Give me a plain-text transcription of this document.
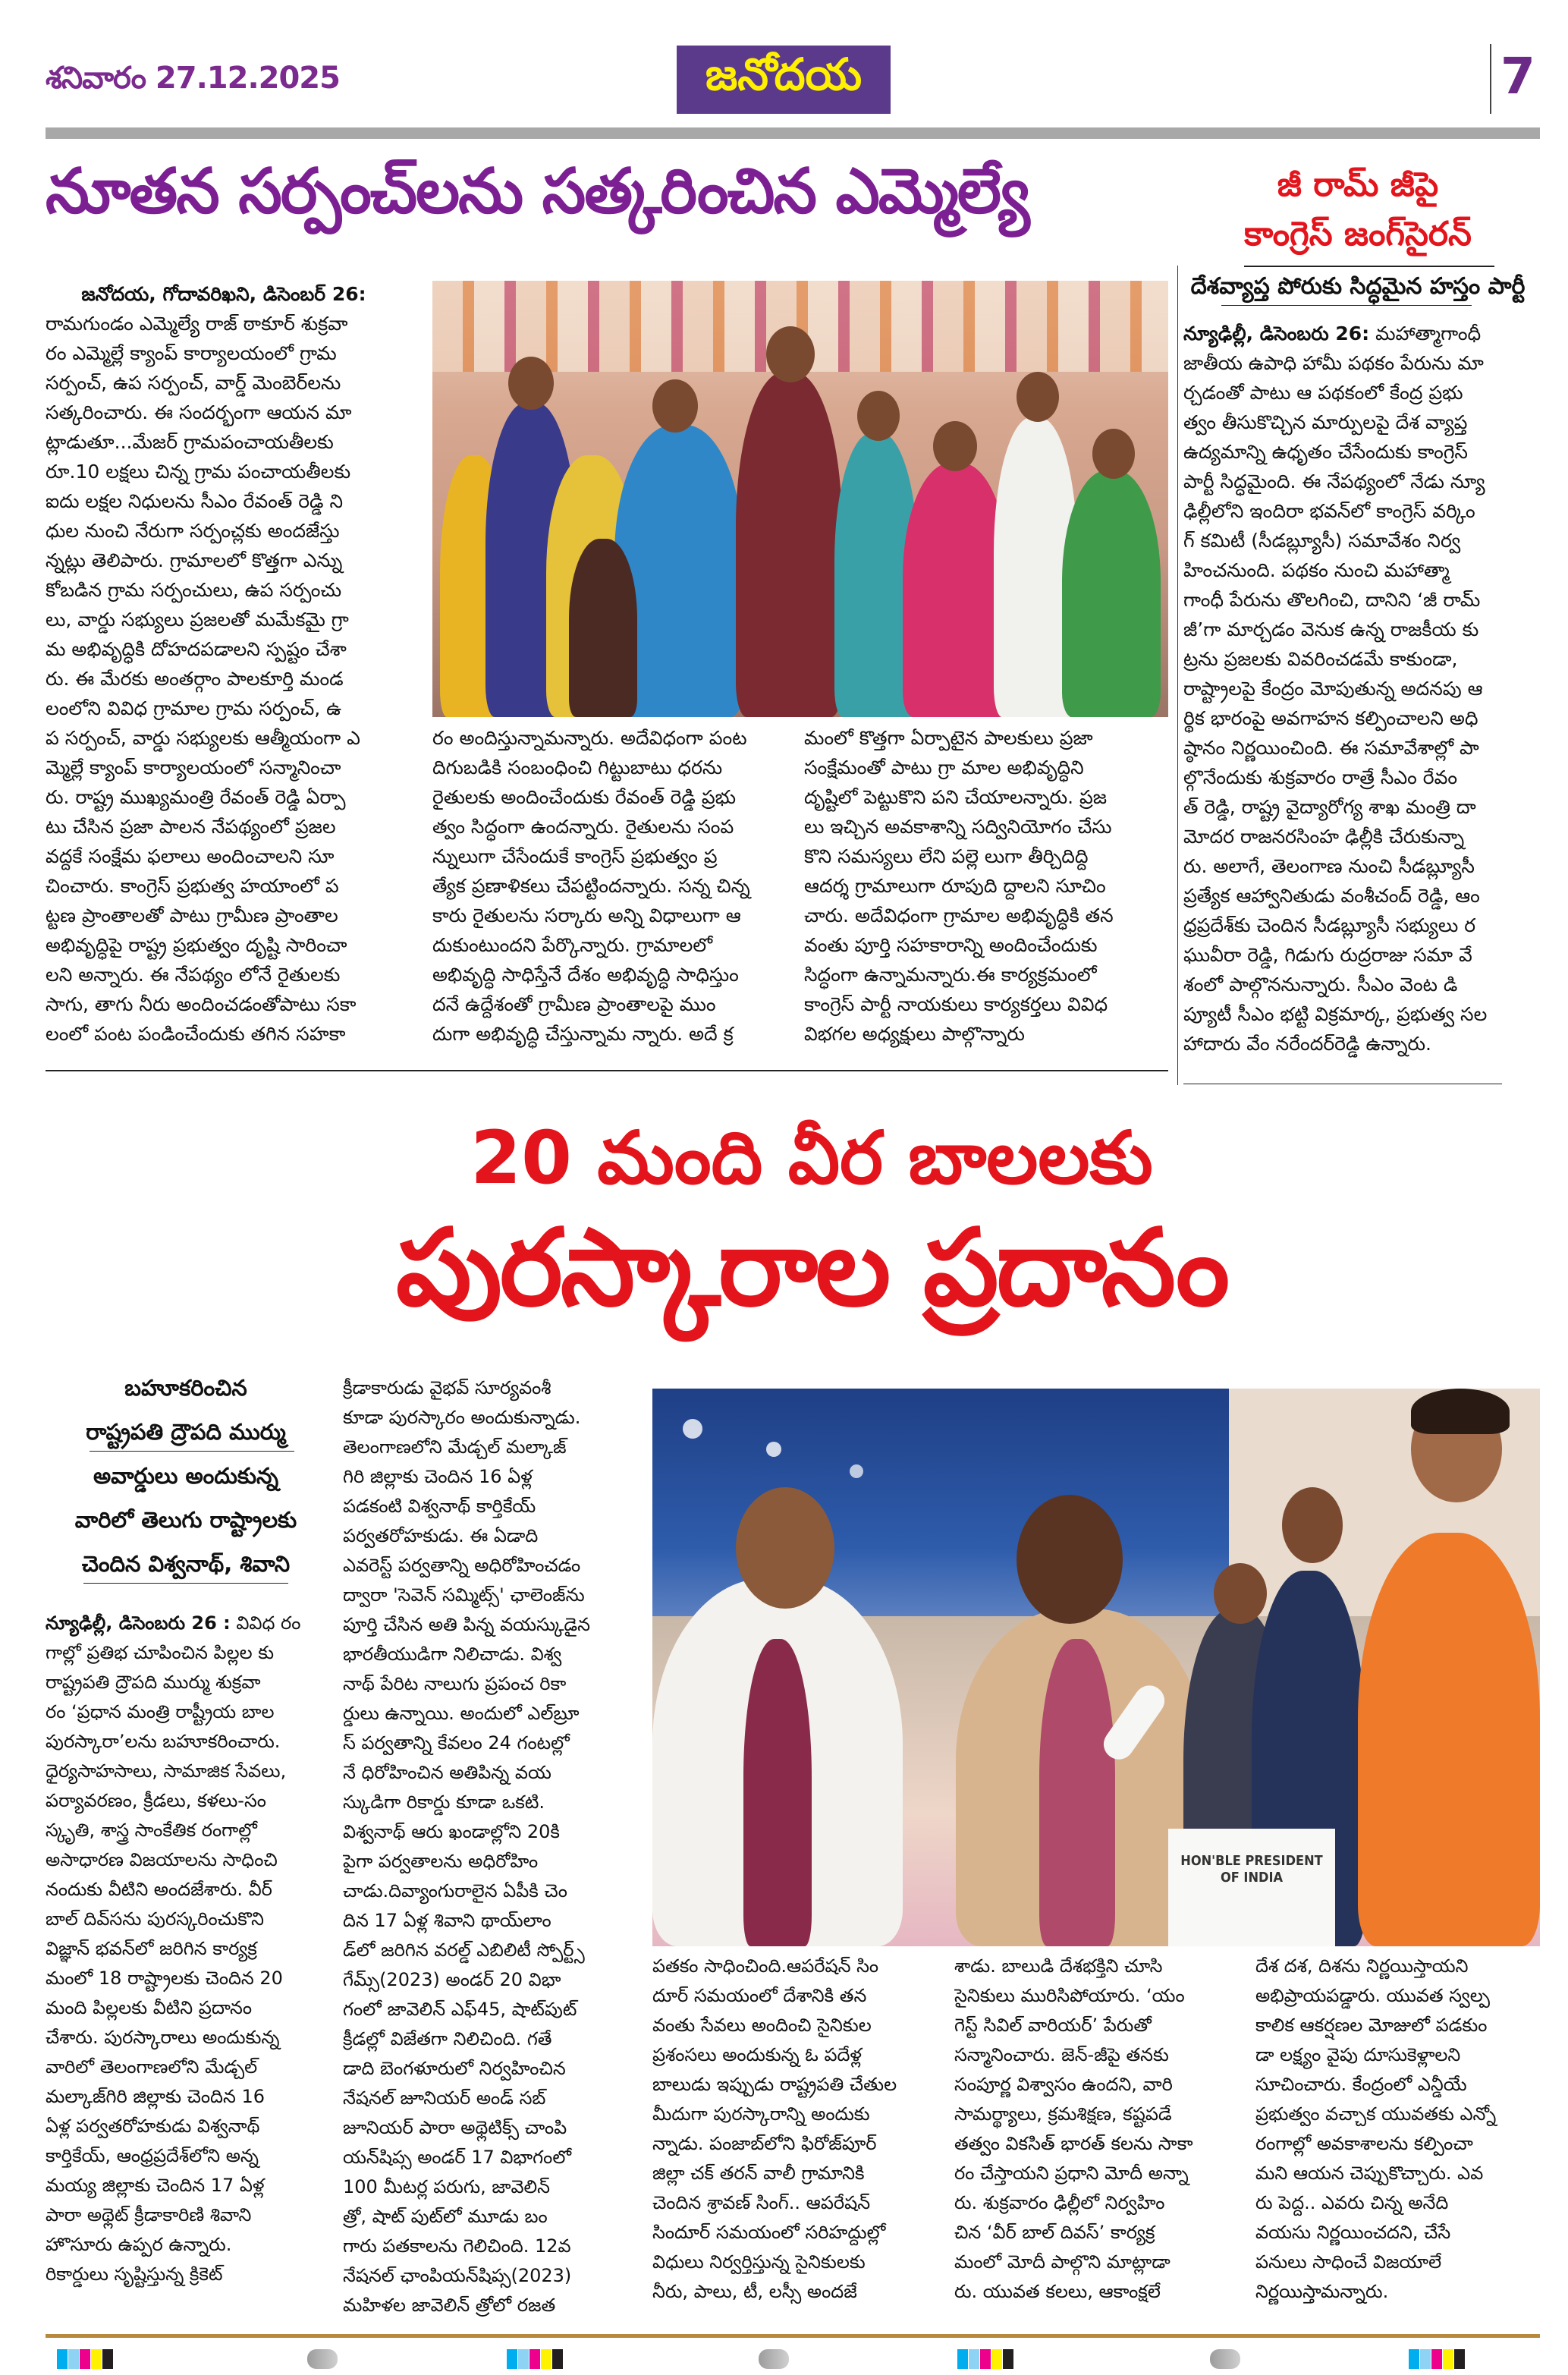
శనివారం 27.12.2025	జనోదయ	7
నూతన సర్పంచ్‌లను సత్కరించిన ఎమ్మెల్యే
జనోదయ, గోదావరిఖని, డిసెంబర్ 26:
రామగుండం ఎమ్మెల్యే రాజ్ ఠాకూర్ శుక్రవా
రం ఎమ్మెల్లే క్యాంప్ కార్యాలయంలో గ్రామ
సర్పంచ్, ఉప సర్పంచ్, వార్డ్ మెంబెర్‌లను
సత్కరించారు. ఈ సందర్భంగా ఆయన మా
ట్లాడుతూ...మేజర్ గ్రామపంచాయతీలకు
రూ.10 లక్షలు చిన్న గ్రామ పంచాయతీలకు
ఐదు లక్షల నిధులను సీఎం రేవంత్ రెడ్డి ని
ధుల నుంచి నేరుగా సర్పంచ్లకు అందజేస్తు
న్నట్లు తెలిపారు. గ్రామాలలో కొత్తగా ఎన్ను
కోబడిన గ్రామ సర్పంచులు, ఉప సర్పంచు
లు, వార్డు సభ్యులు ప్రజలతో మమేకమై గ్రా
మ అభివృద్ధికి దోహదపడాలని స్పష్టం చేశా
రు. ఈ మేరకు అంతర్గాం పాలకూర్తి మండ
లంలోని వివిధ గ్రామాల గ్రామ సర్పంచ్, ఉ
ప సర్పంచ్, వార్డు సభ్యులకు ఆత్మీయంగా ఎ
మ్మెల్లే క్యాంప్ కార్యాలయంలో సన్మానించా
రు. రాష్ట్ర ముఖ్యమంత్రి రేవంత్ రెడ్డి ఏర్పా
టు చేసిన ప్రజా పాలన నేపథ్యంలో ప్రజల
వద్దకే సంక్షేమ ఫలాలు అందించాలని సూ
చించారు. కాంగ్రెస్ ప్రభుత్వ హయాంలో ప
ట్టణ ప్రాంతాలతో పాటు గ్రామీణ ప్రాంతాల
అభివృద్ధిపై రాష్ట్ర ప్రభుత్వం దృష్టి సారించా
లని అన్నారు. ఈ నేపథ్యం లోనే రైతులకు
సాగు, తాగు నీరు అందించడంతోపాటు సకా
లంలో పంట పండించేందుకు తగిన సహకా
రం అందిస్తున్నామన్నారు. అదేవిధంగా పంట
దిగుబడికి సంబంధించి గిట్టుబాటు ధరను
రైతులకు అందించేందుకు రేవంత్ రెడ్డి ప్రభు
త్వం సిద్ధంగా ఉందన్నారు. రైతులను సంప
న్నులుగా చేసేందుకే కాంగ్రెస్ ప్రభుత్వం ప్ర
త్యేక ప్రణాళికలు చేపట్టిందన్నారు. సన్న చిన్న
కారు రైతులను సర్కారు అన్ని విధాలుగా ఆ
దుకుంటుందని పేర్కొన్నారు. గ్రామాలలో
అభివృద్ధి సాధిస్తేనే దేశం అభివృద్ధి సాధిస్తుం
దనే ఉద్దేశంతో గ్రామీణ ప్రాంతాలపై ముం
దుగా అభివృద్ధి చేస్తున్నామ న్నారు. అదే క్ర
మంలో కొత్తగా ఏర్పాటైన పాలకులు ప్రజా
సంక్షేమంతో పాటు గ్రా మాల అభివృద్ధిని
దృష్టిలో పెట్టుకొని పని చేయాలన్నారు. ప్రజ
లు ఇచ్చిన అవకాశాన్ని సద్వినియోగం చేసు
కొని సమస్యలు లేని పల్లె లుగా తీర్చిదిద్ది
ఆదర్శ గ్రామాలుగా రూపుది ద్దాలని సూచిం
చారు. అదేవిధంగా గ్రామాల అభివృద్ధికి తన
వంతు పూర్తి సహకారాన్ని అందించేందుకు
సిద్ధంగా ఉన్నామన్నారు.ఈ కార్యక్రమంలో
కాంగ్రెస్ పార్టీ నాయకులు కార్యకర్తలు వివిధ
విభగల అధ్యక్షులు పాల్గొన్నారు
జీ రామ్ జీపై
కాంగ్రెస్ జంగ్‌సైరన్
దేశవ్యాప్త పోరుకు సిద్ధమైన హస్తం పార్టీ
న్యూఢిల్లీ, డిసెంబరు 26: మహాత్మాగాంధీ
జాతీయ ఉపాధి హామీ పథకం పేరును మా
ర్చడంతో పాటు ఆ పథకంలో కేంద్ర ప్రభు
త్వం తీసుకొచ్చిన మార్పులపై దేశ వ్యాప్త
ఉద్యమాన్ని ఉధృతం చేసేందుకు కాంగ్రెస్
పార్టీ సిద్ధమైంది. ఈ నేపథ్యంలో నేడు న్యూ
ఢిల్లీలోని ఇందిరా భవన్‌లో కాంగ్రెస్ వర్కిం
గ్ కమిటీ (సీడబ్ల్యూసీ) సమావేశం నిర్వ
హించనుంది. పథకం నుంచి మహాత్మా
గాంధీ పేరును తొలగించి, దానిని ‘జీ రామ్
జీ’గా మార్చడం వెనుక ఉన్న రాజకీయ కు
ట్రను ప్రజలకు వివరించడమే కాకుండా,
రాష్ట్రాలపై కేంద్రం మోపుతున్న అదనపు ఆ
ర్థిక భారంపై అవగాహన కల్పించాలని అధి
ష్ఠానం నిర్ణయించింది. ఈ సమావేశాల్లో పా
ల్గొనేందుకు శుక్రవారం రాత్రే సీఎం రేవం
త్ రెడ్డి, రాష్ట్ర వైద్యారోగ్య శాఖ మంత్రి దా
మోదర రాజనరసింహ ఢిల్లీకి చేరుకున్నా
రు. అలాగే, తెలంగాణ నుంచి సీడబ్ల్యూసీ
ప్రత్యేక ఆహ్వానితుడు వంశీచంద్ రెడ్డి, ఆం
ధ్రప్రదేశ్‌కు చెందిన సీడబ్ల్యూసీ సభ్యులు ర
ఘువీరా రెడ్డి, గిడుగు రుద్రరాజు సమా వే
శంలో పాల్గొననున్నారు. సీఎం వెంట డి
ప్యూటీ సీఎం భట్టి విక్రమార్క, ప్రభుత్వ సల
హాదారు వేం నరేందర్‌రెడ్డి ఉన్నారు.
20 మంది వీర బాలలకు
పురస్కారాల ప్రదానం
బహూకరించిన
రాష్ట్రపతి ద్రౌపది ముర్ము
అవార్డులు అందుకున్న
వారిలో తెలుగు రాష్ట్రాలకు
చెందిన విశ్వనాథ్, శివాని
న్యూఢిల్లీ, డిసెంబరు 26 : వివిధ రం
గాల్లో ప్రతిభ చూపించిన పిల్లల కు
రాష్ట్రపతి ద్రౌపది ముర్ము శుక్రవా
రం ‘ప్రధాన మంత్రి రాష్ట్రీయ బాల
పురస్కారా’లను బహూకరించారు.
ధైర్యసాహసాలు, సామాజిక సేవలు,
పర్యావరణం, క్రీడలు, కళలు-సం
స్కృతి, శాస్త్ర సాంకేతిక రంగాల్లో
అసాధారణ విజయాలను సాధించి
నందుకు వీటిని అందజేశారు. వీర్
బాల్ దివ్‌సను పురస్కరించుకొని
విజ్ఞాన్ భవన్‌లో జరిగిన కార్యక్ర
మంలో 18 రాష్ట్రాలకు చెందిన 20
మంది పిల్లలకు వీటిని ప్రదానం
చేశారు. పురస్కారాలు అందుకున్న
వారిలో తెలంగాణలోని మేడ్చల్
మల్కాజ్‌గిరి జిల్లాకు చెందిన 16
ఏళ్ల పర్వతరోహకుడు విశ్వనాథ్
కార్తికేయ్, ఆంధ్రప్రదేశ్‌లోని అన్న
మయ్య జిల్లాకు చెందిన 17 ఏళ్ల
పారా అథ్లెట్ క్రీడాకారిణి శివాని
హొసూరు ఉప్పర ఉన్నారు.
రికార్డులు సృష్టిస్తున్న క్రికెట్
క్రీడాకారుడు వైభవ్ సూర్యవంశీ
కూడా పురస్కారం అందుకున్నాడు.
తెలంగాణలోని మేడ్చల్ మల్కాజ్
గిరి జిల్లాకు చెందిన 16 ఏళ్ల
పడకంటి విశ్వనాథ్ కార్తికేయ్
పర్వతరోహకుడు. ఈ ఏడాది
ఎవరెస్ట్ పర్వతాన్ని అధిరోహించడం
ద్వారా 'సెవెన్ సమ్మిట్స్' ఛాలెంజ్‌ను
పూర్తి చేసిన అతి పిన్న వయస్కుడైన
భారతీయుడిగా నిలిచాడు. విశ్వ
నాథ్ పేరిట నాలుగు ప్రపంచ రికా
ర్డులు ఉన్నాయి. అందులో ఎల్‌బ్రూ
స్ పర్వతాన్ని కేవలం 24 గంటల్లో
నే ధిరోహించిన అతిపిన్న వయ
స్కుడిగా రికార్డు కూడా ఒకటి.
విశ్వనాథ్ ఆరు ఖండాల్లోని 20కి
పైగా పర్వతాలను అధిరోహిం
చాడు.దివ్యాంగురాలైన ఏపీకి చెం
దిన 17 ఏళ్ల శివాని థాయ్‌లాం
డ్‌లో జరిగిన వరల్డ్ ఎబిలిటీ స్పోర్ట్స్
గేమ్స్(2023) అండర్ 20 విభా
గంలో జావెలిన్ ఎఫ్45, షాట్‌పుట్
క్రీడల్లో విజేతగా నిలిచింది. గతే
డాది బెంగళూరులో నిర్వహించిన
నేషనల్ జూనియర్ అండ్ సబ్
జూనియర్ పారా అథ్లెటిక్స్ చాంపి
యన్‌షిప్స అండర్ 17 విభాగంలో
100 మీటర్ల పరుగు, జావెలిన్
త్రో, షాట్ పుట్‌లో మూడు బం
గారు పతకాలను గెలిచింది. 12వ
నేషనల్ ఛాంపియన్‌షిప్స(2023)
మహిళల జావెలిన్ త్రోలో రజత
HON'BLE PRESIDENT
OF INDIA
పతకం సాధించింది.ఆపరేషన్ సిం
దూర్ సమయంలో దేశానికి తన
వంతు సేవలు అందించి సైనికుల
ప్రశంసలు అందుకున్న ఓ పదేళ్ల
బాలుడు ఇప్పుడు రాష్ట్రపతి చేతుల
మీదుగా పురస్కారాన్ని అందుకు
న్నాడు. పంజాబ్‌లోని ఫిరోజ్‌పూర్
జిల్లా చక్ తరన్ వాలీ గ్రామానికి
చెందిన శ్రావణ్ సింగ్.. ఆపరేషన్
సిందూర్ సమయంలో సరిహద్దుల్లో
విధులు నిర్వర్తిస్తున్న సైనికులకు
నీరు, పాలు, టీ, లస్సీ అందజే
శాడు. బాలుడి దేశభక్తిని చూసి
సైనికులు మురిసిపోయారు. ‘యం
గెస్ట్ సివిల్ వారియర్’ పేరుతో
సన్మానించారు. జెన్-జీపై తనకు
సంపూర్ణ విశ్వాసం ఉందని, వారి
సామర్థ్యాలు, క్రమశిక్షణ, కష్టపడే
తత్వం వికసిత్ భారత్ కలను సాకా
రం చేస్తాయని ప్రధాని మోదీ అన్నా
రు. శుక్రవారం ఢిల్లీలో నిర్వహిం
చిన ‘వీర్ బాల్ దివస్’ కార్యక్ర
మంలో మోదీ పాల్గొని మాట్లాడా
రు. యువత కలలు, ఆకాంక్షలే
దేశ దశ, దిశను నిర్ణయిస్తాయని
అభిప్రాయపడ్డారు. యువత స్వల్ప
కాలిక ఆకర్షణల మోజులో పడకుం
డా లక్ష్యం వైపు దూసుకెళ్లాలని
సూచించారు. కేంద్రంలో ఎన్డీయే
ప్రభుత్వం వచ్చాక యువతకు ఎన్నో
రంగాల్లో అవకాశాలను కల్పించా
మని ఆయన చెప్పుకొచ్చారు. ఎవ
రు పెద్ద.. ఎవరు చిన్న అనేది
వయసు నిర్ణయించదని, చేసే
పనులు సాధించే విజయాలే
నిర్ణయిస్తామన్నారు.
